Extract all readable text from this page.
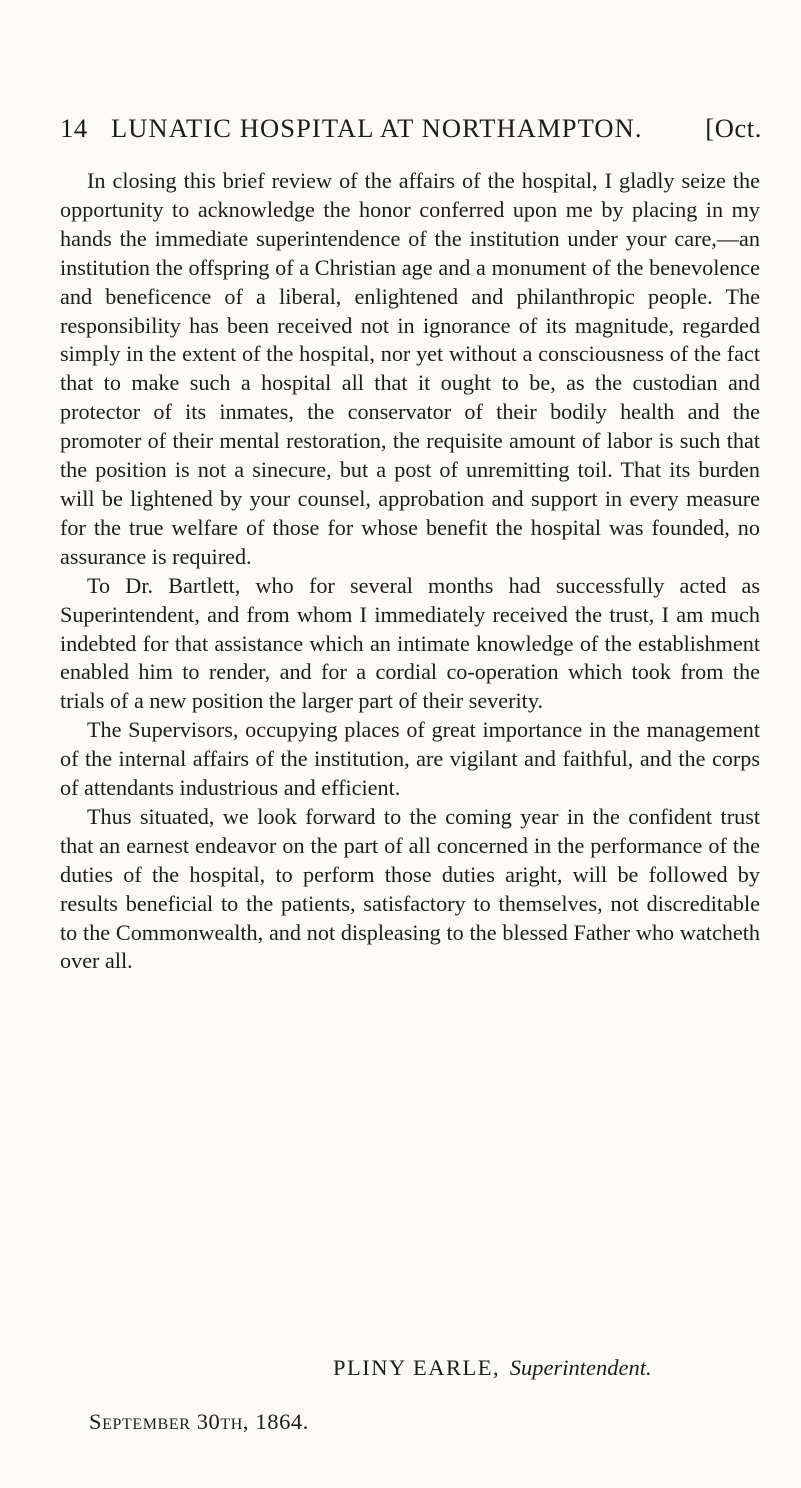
14 LUNATIC HOSPITAL AT NORTHAMPTON. [Oct.

In closing this brief review of the affairs of the hospital, I gladly seize the opportunity to acknowledge the honor conferred upon me by placing in my hands the immediate superintendence of the institution under your care,—an institution the offspring of a Christian age and a monument of the benevolence and beneficence of a liberal, enlightened and philanthropic people. The responsibility has been received not in ignorance of its magnitude, regarded simply in the extent of the hospital, nor yet without a consciousness of the fact that to make such a hospital all that it ought to be, as the custodian and protector of its inmates, the conservator of their bodily health and the promoter of their mental restoration, the requisite amount of labor is such that the position is not a sinecure, but a post of unremitting toil. That its burden will be lightened by your counsel, approbation and support in every measure for the true welfare of those for whose benefit the hospital was founded, no assurance is required.

To Dr. Bartlett, who for several months had successfully acted as Superintendent, and from whom I immediately received the trust, I am much indebted for that assistance which an intimate knowledge of the establishment enabled him to render, and for a cordial co-operation which took from the trials of a new position the larger part of their severity.

The Supervisors, occupying places of great importance in the management of the internal affairs of the institution, are vigilant and faithful, and the corps of attendants industrious and efficient.

Thus situated, we look forward to the coming year in the confident trust that an earnest endeavor on the part of all concerned in the performance of the duties of the hospital, to perform those duties aright, will be followed by results beneficial to the patients, satisfactory to themselves, not discreditable to the Commonwealth, and not displeasing to the blessed Father who watcheth over all.

PLINY EARLE, Superintendent.
September 30th, 1864.
